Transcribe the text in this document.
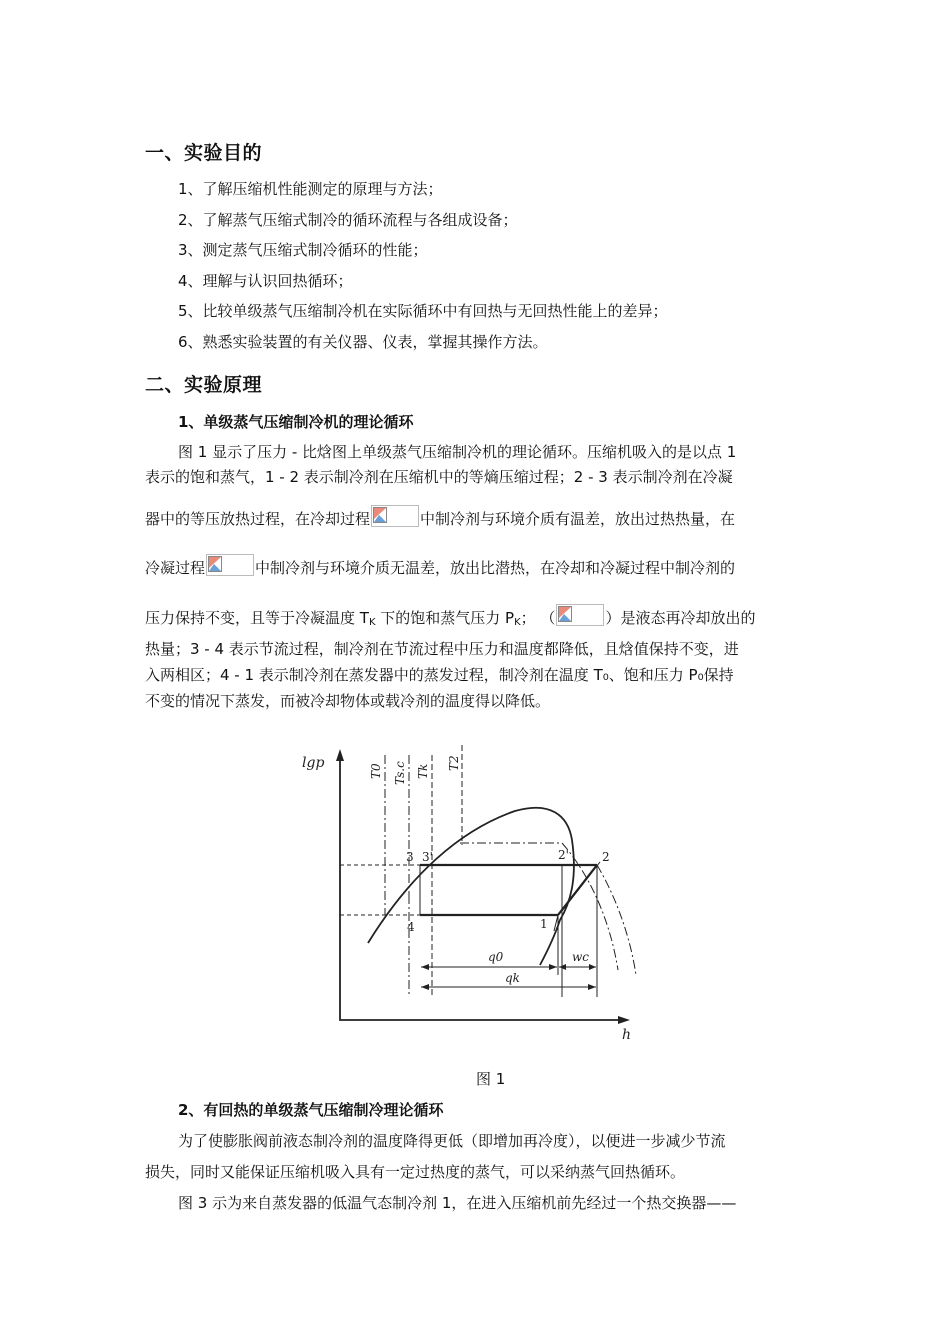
一、实验目的
1、了解压缩机性能测定的原理与方法；
2、了解蒸气压缩式制冷的循环流程与各组成设备；
3、测定蒸气压缩式制冷循环的性能；
4、理解与认识回热循环；
5、比较单级蒸气压缩制冷机在实际循环中有回热与无回热性能上的差异；
6、熟悉实验装置的有关仪器、仪表，掌握其操作方法。
二、实验原理
1、单级蒸气压缩制冷机的理论循环
图 1 显示了压力 - 比焓图上单级蒸气压缩制冷机的理论循环。压缩机吸入的是以点 1
表示的饱和蒸气，1 - 2 表示制冷剂在压缩机中的等熵压缩过程；2 - 3 表示制冷剂在冷凝
器中的等压放热过程，在冷却过程	中制冷剂与环境介质有温差，放出过热热量，在
冷凝过程	中制冷剂与环境介质无温差，放出比潜热，在冷却和冷凝过程中制冷剂的
压力保持不变，且等于冷凝温度 $T_K$ 下的饱和蒸气压力 $P_K$； （	）是液态再冷却放出的
热量；3 - 4 表示节流过程，制冷剂在节流过程中压力和温度都降低，且焓值保持不变，进
入两相区；4 - 1 表示制冷剂在蒸发器中的蒸发过程，制冷剂在温度 T₀、饱和压力 P₀保持
不变的情况下蒸发，而被冷却物体或载冷剂的温度得以降低。
lgp
h
T0 Ts.c Tk
T2
3 3'	2'	2
1
4
q0	wc
qk
图 1
2、有回热的单级蒸气压缩制冷理论循环
为了使膨胀阀前液态制冷剂的温度降得更低（即增加再冷度），以便进一步减少节流
损失，同时又能保证压缩机吸入具有一定过热度的蒸气，可以采纳蒸气回热循环。
图 3 示为来自蒸发器的低温气态制冷剂 1，在进入压缩机前先经过一个热交换器——
